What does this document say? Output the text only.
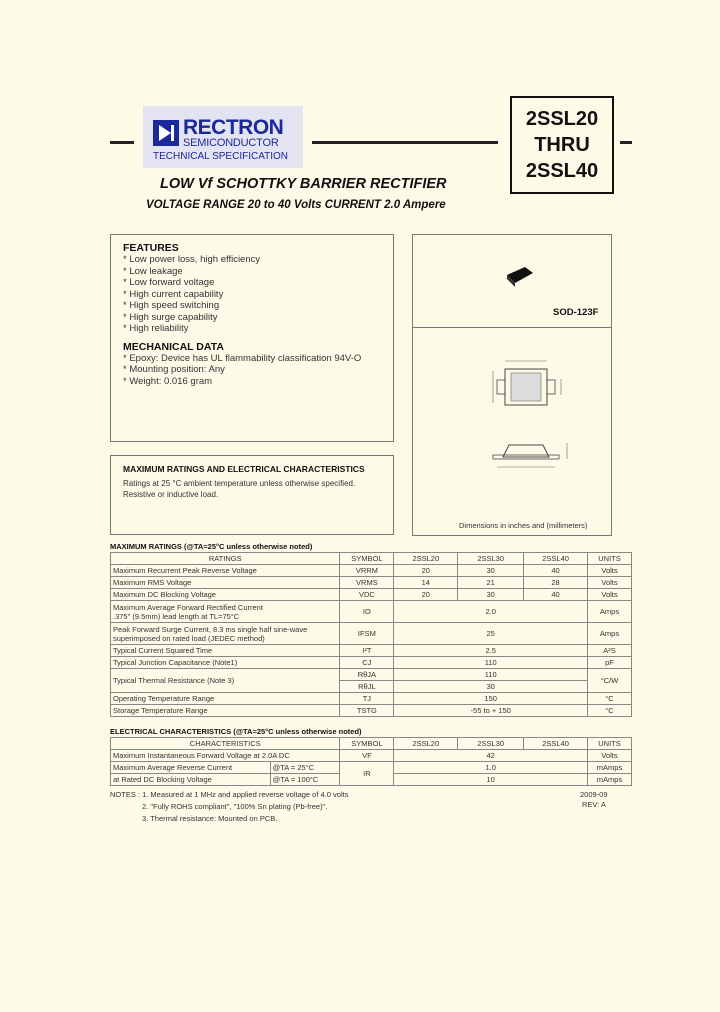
RECTRON
SEMICONDUCTOR
TECHNICAL SPECIFICATION
2SSL20
THRU
2SSL40
LOW Vf SCHOTTKY BARRIER RECTIFIER
VOLTAGE RANGE 20 to 40 Volts CURRENT 2.0 Ampere
FEATURES
* Low power loss, high efficiency
* Low leakage
* Low forward voltage
* High current capability
* High speed switching
* High surge capability
* High reliability
MECHANICAL DATA
* Epoxy: Device has UL flammability classification 94V-O
* Mounting position: Any
* Weight: 0.016 gram
SOD-123F
Dimensions in inches and (millimeters)
MAXIMUM RATINGS AND ELECTRICAL CHARACTERISTICS
Ratings at 25 °C ambient temperature unless otherwise specified.
Resistive or inductive load.
MAXIMUM RATINGS (@TA=25°C unless otherwise noted)
RATINGS	SYMBOL	2SSL20	2SSL30	2SSL40	UNITS
Maximum Recurrent Peak Reverse Voltage	VRRM	20	30	40	Volts
Maximum RMS Voltage	VRMS	14	21	28	Volts
Maximum DC Blocking Voltage	VDC	20	30	40	Volts
Maximum Average Forward Rectified Current
.375" (9.5mm) lead length at TL=75°C	IO	2.0			Amps
Peak Forward Surge Current, 8.3 ms single half sine-wave
superimposed on rated load (JEDEC method)	IFSM	25			Amps
Typical Current Squared Time	I²T	2.5			A²S
Typical Junction Capacitance (Note1)	CJ	110			pF
Typical Thermal Resistance (Note 3)	RθJA	110			°C/W
	RθJL	30			
Operating Temperature Range	TJ	150			°C
Storage Temperature Range	TSTG	-55 to + 150			°C
ELECTRICAL CHARACTERISTICS (@TA=25°C unless otherwise noted)
CHARACTERISTICS		SYMBOL	2SSL20	2SSL30	2SSL40	UNITS
Maximum Instantaneous Forward Voltage at 2.0A DC		VF	42			Volts
Maximum Average Reverse Current	@TA = 25°C	IR	1.0			mAmps
at Rated DC Blocking Voltage	@TA = 100°C		10			mAmps
NOTES : 1. Measured at 1 MHz and applied reverse voltage of 4.0 volts
2. "Fully ROHS compliant", "100% Sn plating (Pb-free)".
3. Thermal resistance: Mounted on PCB.
2009-09
REV: A
